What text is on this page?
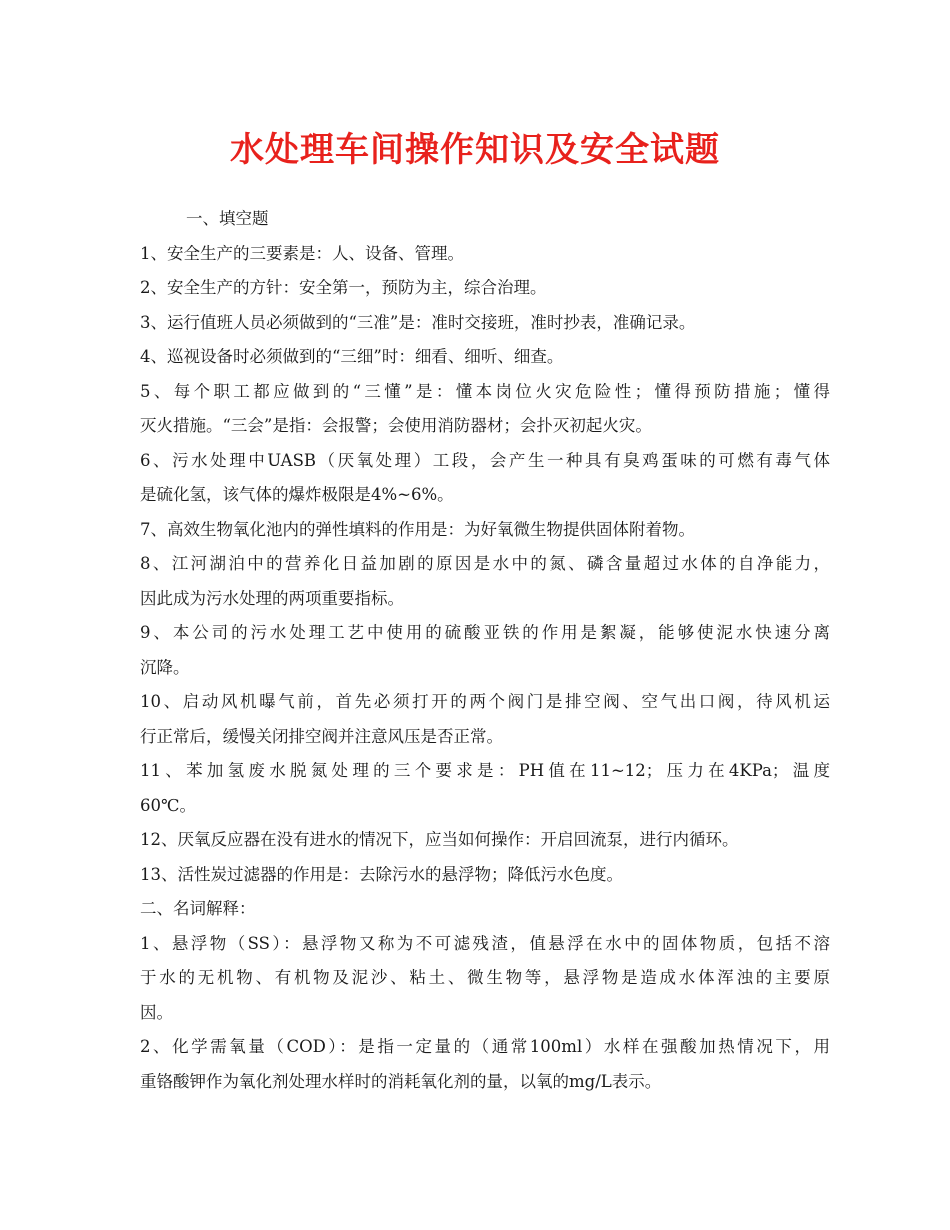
水处理车间操作知识及安全试题
一、填空题
1、安全生产的三要素是：人、设备、管理。
2、安全生产的方针：安全第一，预防为主，综合治理。
3、运行值班人员必须做到的“三准”是：准时交接班，准时抄表，准确记录。
4、巡视设备时必须做到的“三细”时：细看、细听、细查。
5、每个职工都应做到的“三懂”是：懂本岗位火灾危险性；懂得预防措施；懂得
灭火措施。“三会”是指：会报警；会使用消防器材；会扑灭初起火灾。
6、污水处理中UASB（厌氧处理）工段，会产生一种具有臭鸡蛋味的可燃有毒气体
是硫化氢，该气体的爆炸极限是4%~6%。
7、高效生物氧化池内的弹性填料的作用是：为好氧微生物提供固体附着物。
8、江河湖泊中的营养化日益加剧的原因是水中的氮、磷含量超过水体的自净能力，
因此成为污水处理的两项重要指标。
9、本公司的污水处理工艺中使用的硫酸亚铁的作用是絮凝，能够使泥水快速分离
沉降。
10、启动风机曝气前，首先必须打开的两个阀门是排空阀、空气出口阀，待风机运
行正常后，缓慢关闭排空阀并注意风压是否正常。
11、苯加氢废水脱氮处理的三个要求是：PH值在11~12；压力在4KPa；温度
60℃。
12、厌氧反应器在没有进水的情况下，应当如何操作：开启回流泵，进行内循环。
13、活性炭过滤器的作用是：去除污水的悬浮物；降低污水色度。
二、名词解释：
1、悬浮物（SS）：悬浮物又称为不可滤残渣，值悬浮在水中的固体物质，包括不溶
于水的无机物、有机物及泥沙、粘土、微生物等，悬浮物是造成水体浑浊的主要原
因。
2、化学需氧量（COD）：是指一定量的（通常100ml）水样在强酸加热情况下，用
重铬酸钾作为氧化剂处理水样时的消耗氧化剂的量，以氧的mg/L表示。
